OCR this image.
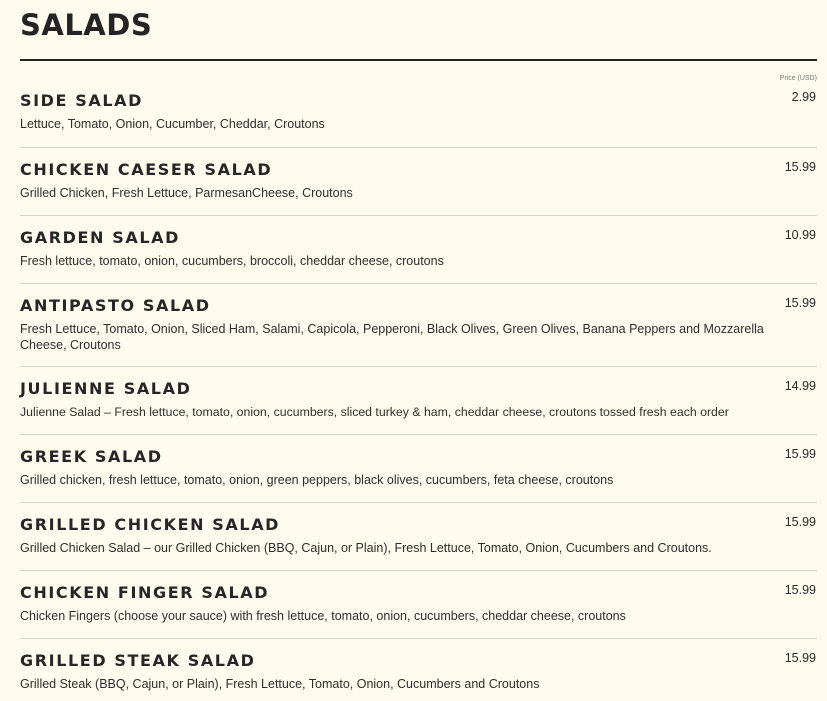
SALADS
Price (USD)
SIDE SALAD	2.99
Lettuce, Tomato, Onion, Cucumber, Cheddar, Croutons
CHICKEN CAESER SALAD	15.99
Grilled Chicken, Fresh Lettuce, ParmesanCheese, Croutons
GARDEN SALAD	10.99
Fresh lettuce, tomato, onion, cucumbers, broccoli, cheddar cheese, croutons
ANTIPASTO SALAD	15.99
Fresh Lettuce, Tomato, Onion, Sliced Ham, Salami, Capicola, Pepperoni, Black Olives, Green Olives, Banana Peppers and Mozzarella Cheese, Croutons
JULIENNE SALAD	14.99
Julienne Salad – Fresh lettuce, tomato, onion, cucumbers, sliced turkey & ham, cheddar cheese, croutons tossed fresh each order
GREEK SALAD	15.99
Grilled chicken, fresh lettuce, tomato, onion, green peppers, black olives, cucumbers, feta cheese, croutons
GRILLED CHICKEN SALAD	15.99
Grilled Chicken Salad – our Grilled Chicken (BBQ, Cajun, or Plain), Fresh Lettuce, Tomato, Onion, Cucumbers and Croutons.
CHICKEN FINGER SALAD	15.99
Chicken Fingers (choose your sauce) with fresh lettuce, tomato, onion, cucumbers, cheddar cheese, croutons
GRILLED STEAK SALAD	15.99
Grilled Steak (BBQ, Cajun, or Plain), Fresh Lettuce, Tomato, Onion, Cucumbers and Croutons
